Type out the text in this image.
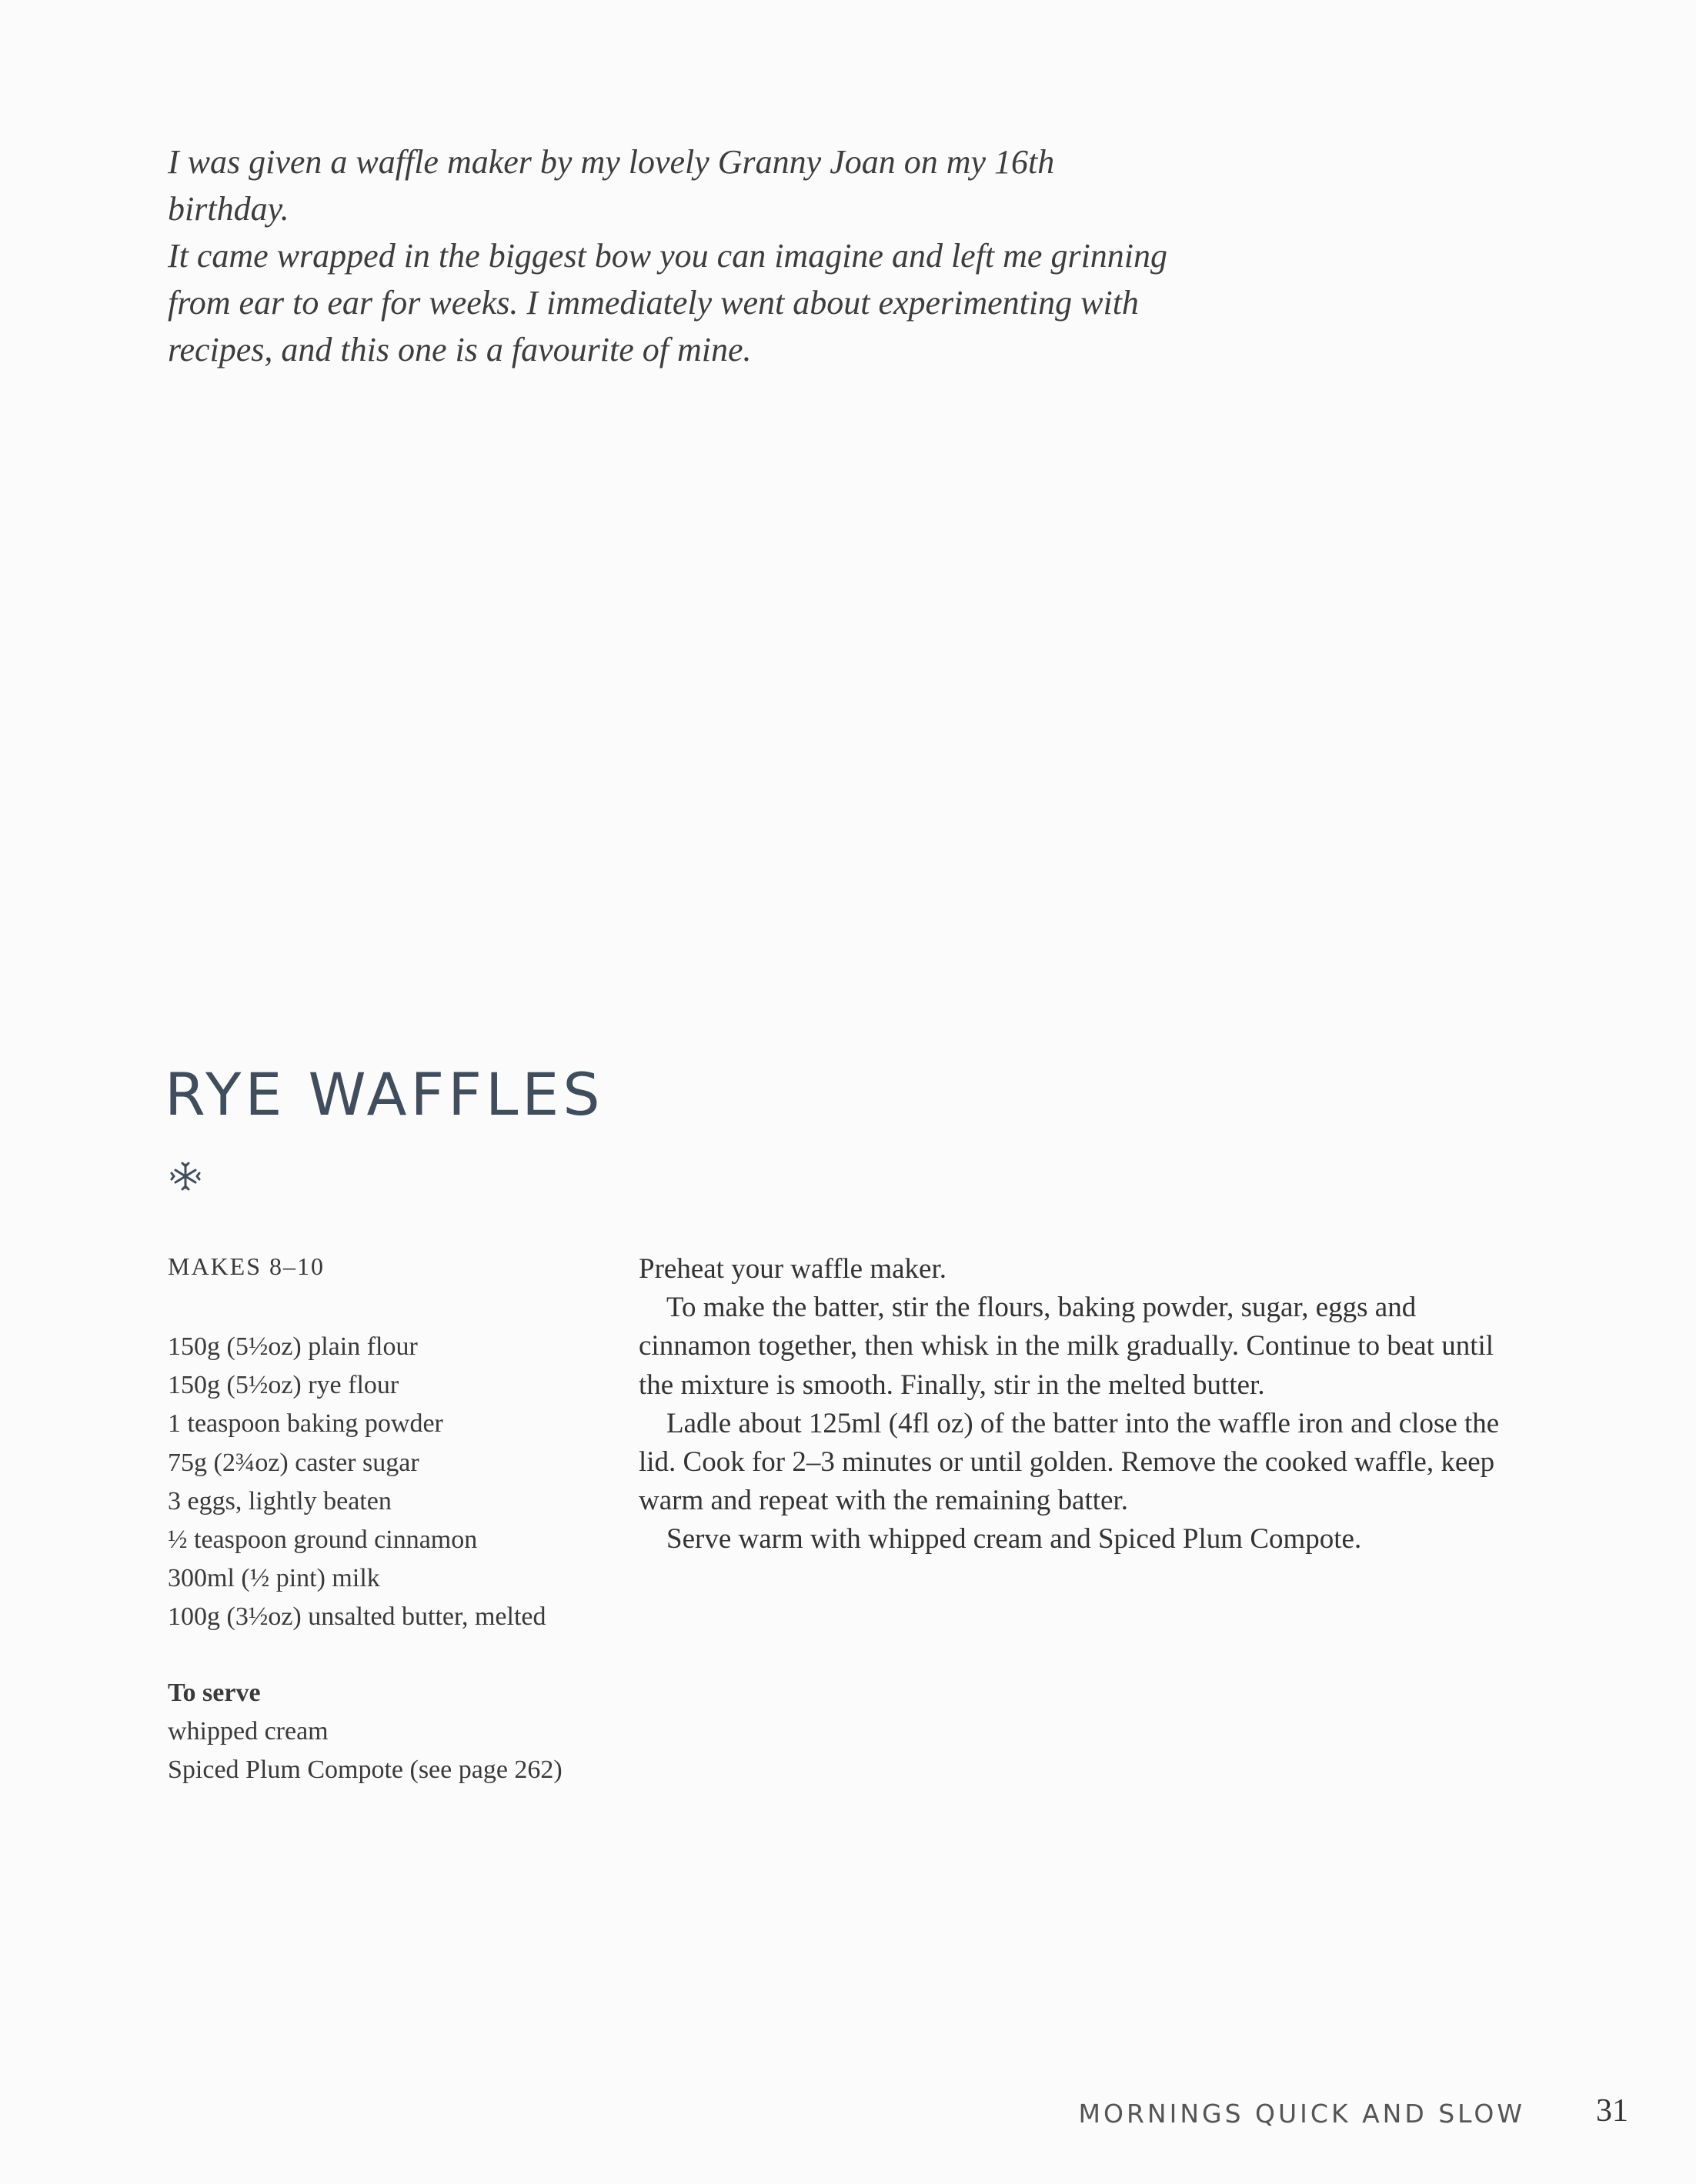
I was given a waffle maker by my lovely Granny Joan on my 16th birthday.

It came wrapped in the biggest bow you can imagine and left me grinning

from ear to ear for weeks. I immediately went about experimenting with

recipes, and this one is a favourite of mine.

RYE WAFFLES

MAKES 8–10

150g (5½oz) plain flour
150g (5½oz) rye flour
1 teaspoon baking powder
75g (2¾oz) caster sugar
3 eggs, lightly beaten
½ teaspoon ground cinnamon
300ml (½ pint) milk
100g (3½oz) unsalted butter, melted

To serve

whipped cream
Spiced Plum Compote (see page 262)

Preheat your waffle maker.

To make the batter, stir the flours, baking powder, sugar, eggs and cinnamon together, then whisk in the milk gradually. Continue to beat until the mixture is smooth. Finally, stir in the melted butter.

Ladle about 125ml (4fl oz) of the batter into the waffle iron and close the lid. Cook for 2–3 minutes or until golden. Remove the cooked waffle, keep warm and repeat with the remaining batter.

Serve warm with whipped cream and Spiced Plum Compote.

MORNINGS QUICK AND SLOW 31
